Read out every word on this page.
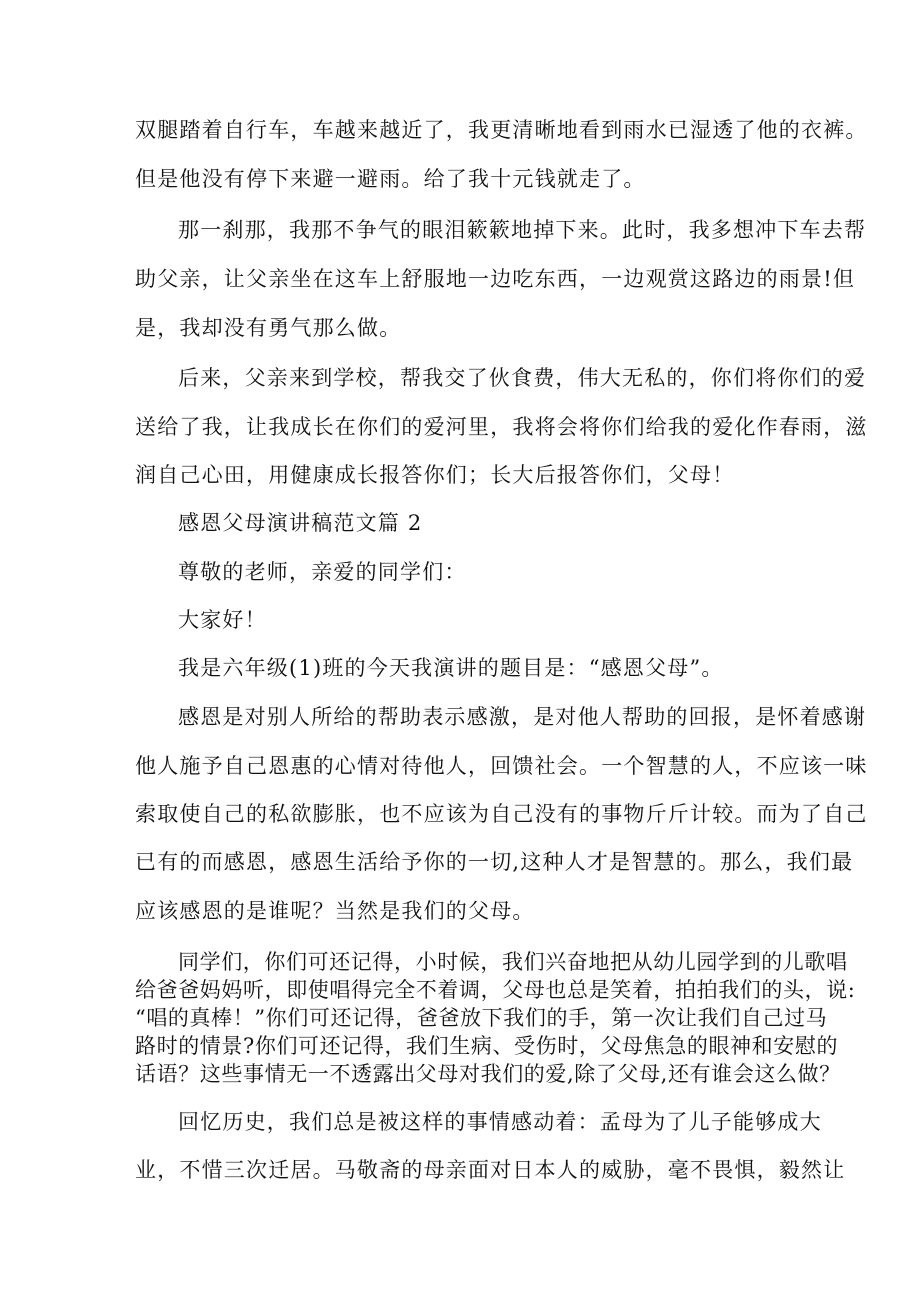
双腿踏着自行车，车越来越近了，我更清晰地看到雨水已湿透了他的衣裤。
但是他没有停下来避一避雨。给了我十元钱就走了。
那一刹那，我那不争气的眼泪簌簌地掉下来。此时，我多想冲下车去帮
助父亲，让父亲坐在这车上舒服地一边吃东西，一边观赏这路边的雨景!但
是，我却没有勇气那么做。
后来，父亲来到学校，帮我交了伙食费，伟大无私的，你们将你们的爱
送给了我，让我成长在你们的爱河里，我将会将你们给我的爱化作春雨，滋
润自己心田，用健康成长报答你们；长大后报答你们，父母！
感恩父母演讲稿范文篇 2
尊敬的老师，亲爱的同学们：
大家好！
我是六年级(1)班的今天我演讲的题目是：“感恩父母”。
感恩是对别人所给的帮助表示感激，是对他人帮助的回报，是怀着感谢
他人施予自己恩惠的心情对待他人，回馈社会。一个智慧的人，不应该一味
索取使自己的私欲膨胀，也不应该为自己没有的事物斤斤计较。而为了自己
已有的而感恩，感恩生活给予你的一切,这种人才是智慧的。那么，我们最
应该感恩的是谁呢？当然是我们的父母。
同学们，你们可还记得，小时候，我们兴奋地把从幼儿园学到的儿歌唱
给爸爸妈妈听，即使唱得完全不着调，父母也总是笑着，拍拍我们的头，说:
“唱的真棒！”你们可还记得，爸爸放下我们的手，第一次让我们自己过马
路时的情景?你们可还记得，我们生病、受伤时，父母焦急的眼神和安慰的
话语？这些事情无一不透露出父母对我们的爱,除了父母,还有谁会这么做？
回忆历史，我们总是被这样的事情感动着：孟母为了儿子能够成大
业，不惜三次迁居。马敬斋的母亲面对日本人的威胁，毫不畏惧，毅然让
